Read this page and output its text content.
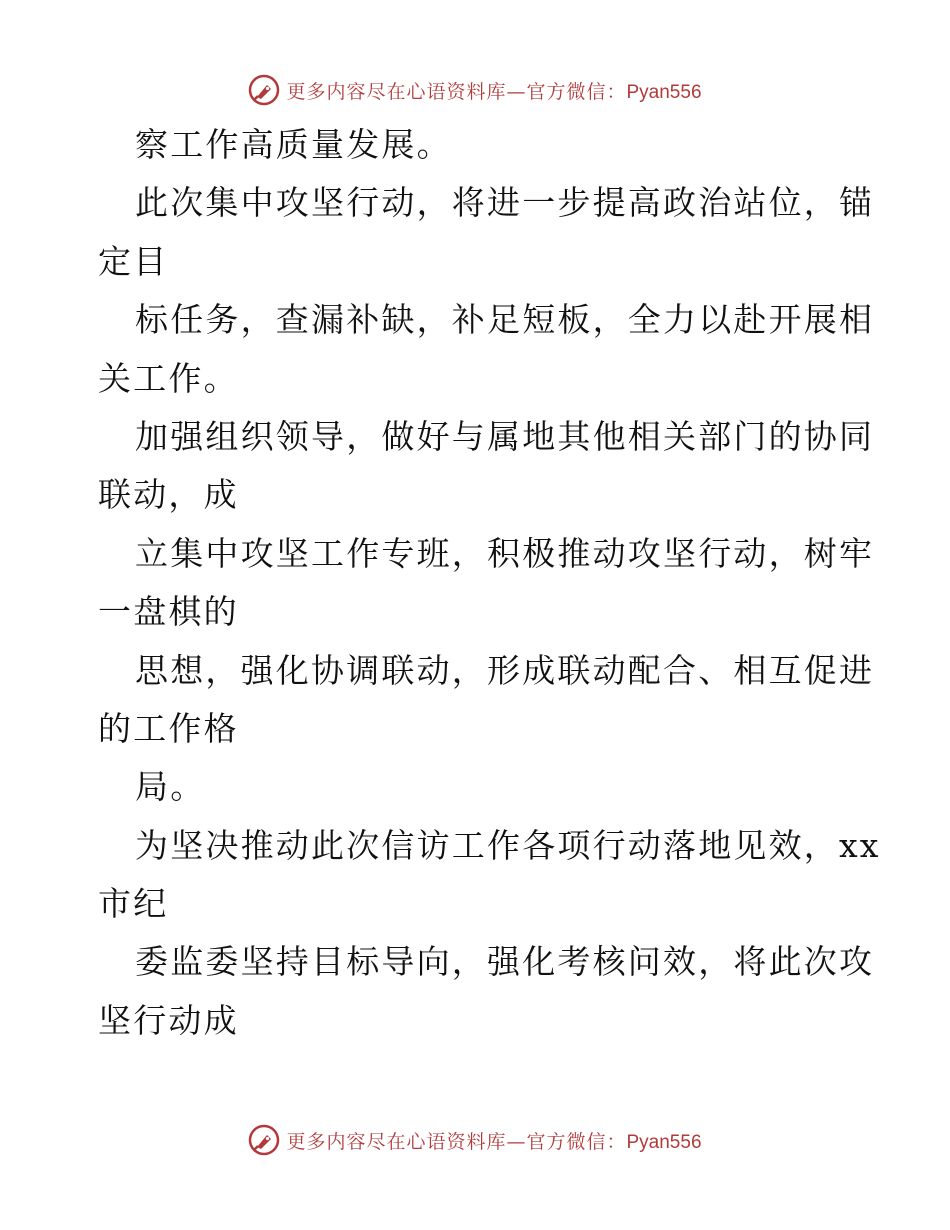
更多内容尽在心语资料库—官方微信：Pyan556
察工作高质量发展。
此次集中攻坚行动，将进一步提高政治站位，锚
定目
标任务，查漏补缺，补足短板，全力以赴开展相
关工作。
加强组织领导，做好与属地其他相关部门的协同
联动，成
立集中攻坚工作专班，积极推动攻坚行动，树牢
一盘棋的
思想，强化协调联动，形成联动配合、相互促进
的工作格
局。
为坚决推动此次信访工作各项行动落地见效，xx
市纪
委监委坚持目标导向，强化考核问效，将此次攻
坚行动成
更多内容尽在心语资料库—官方微信：Pyan556
